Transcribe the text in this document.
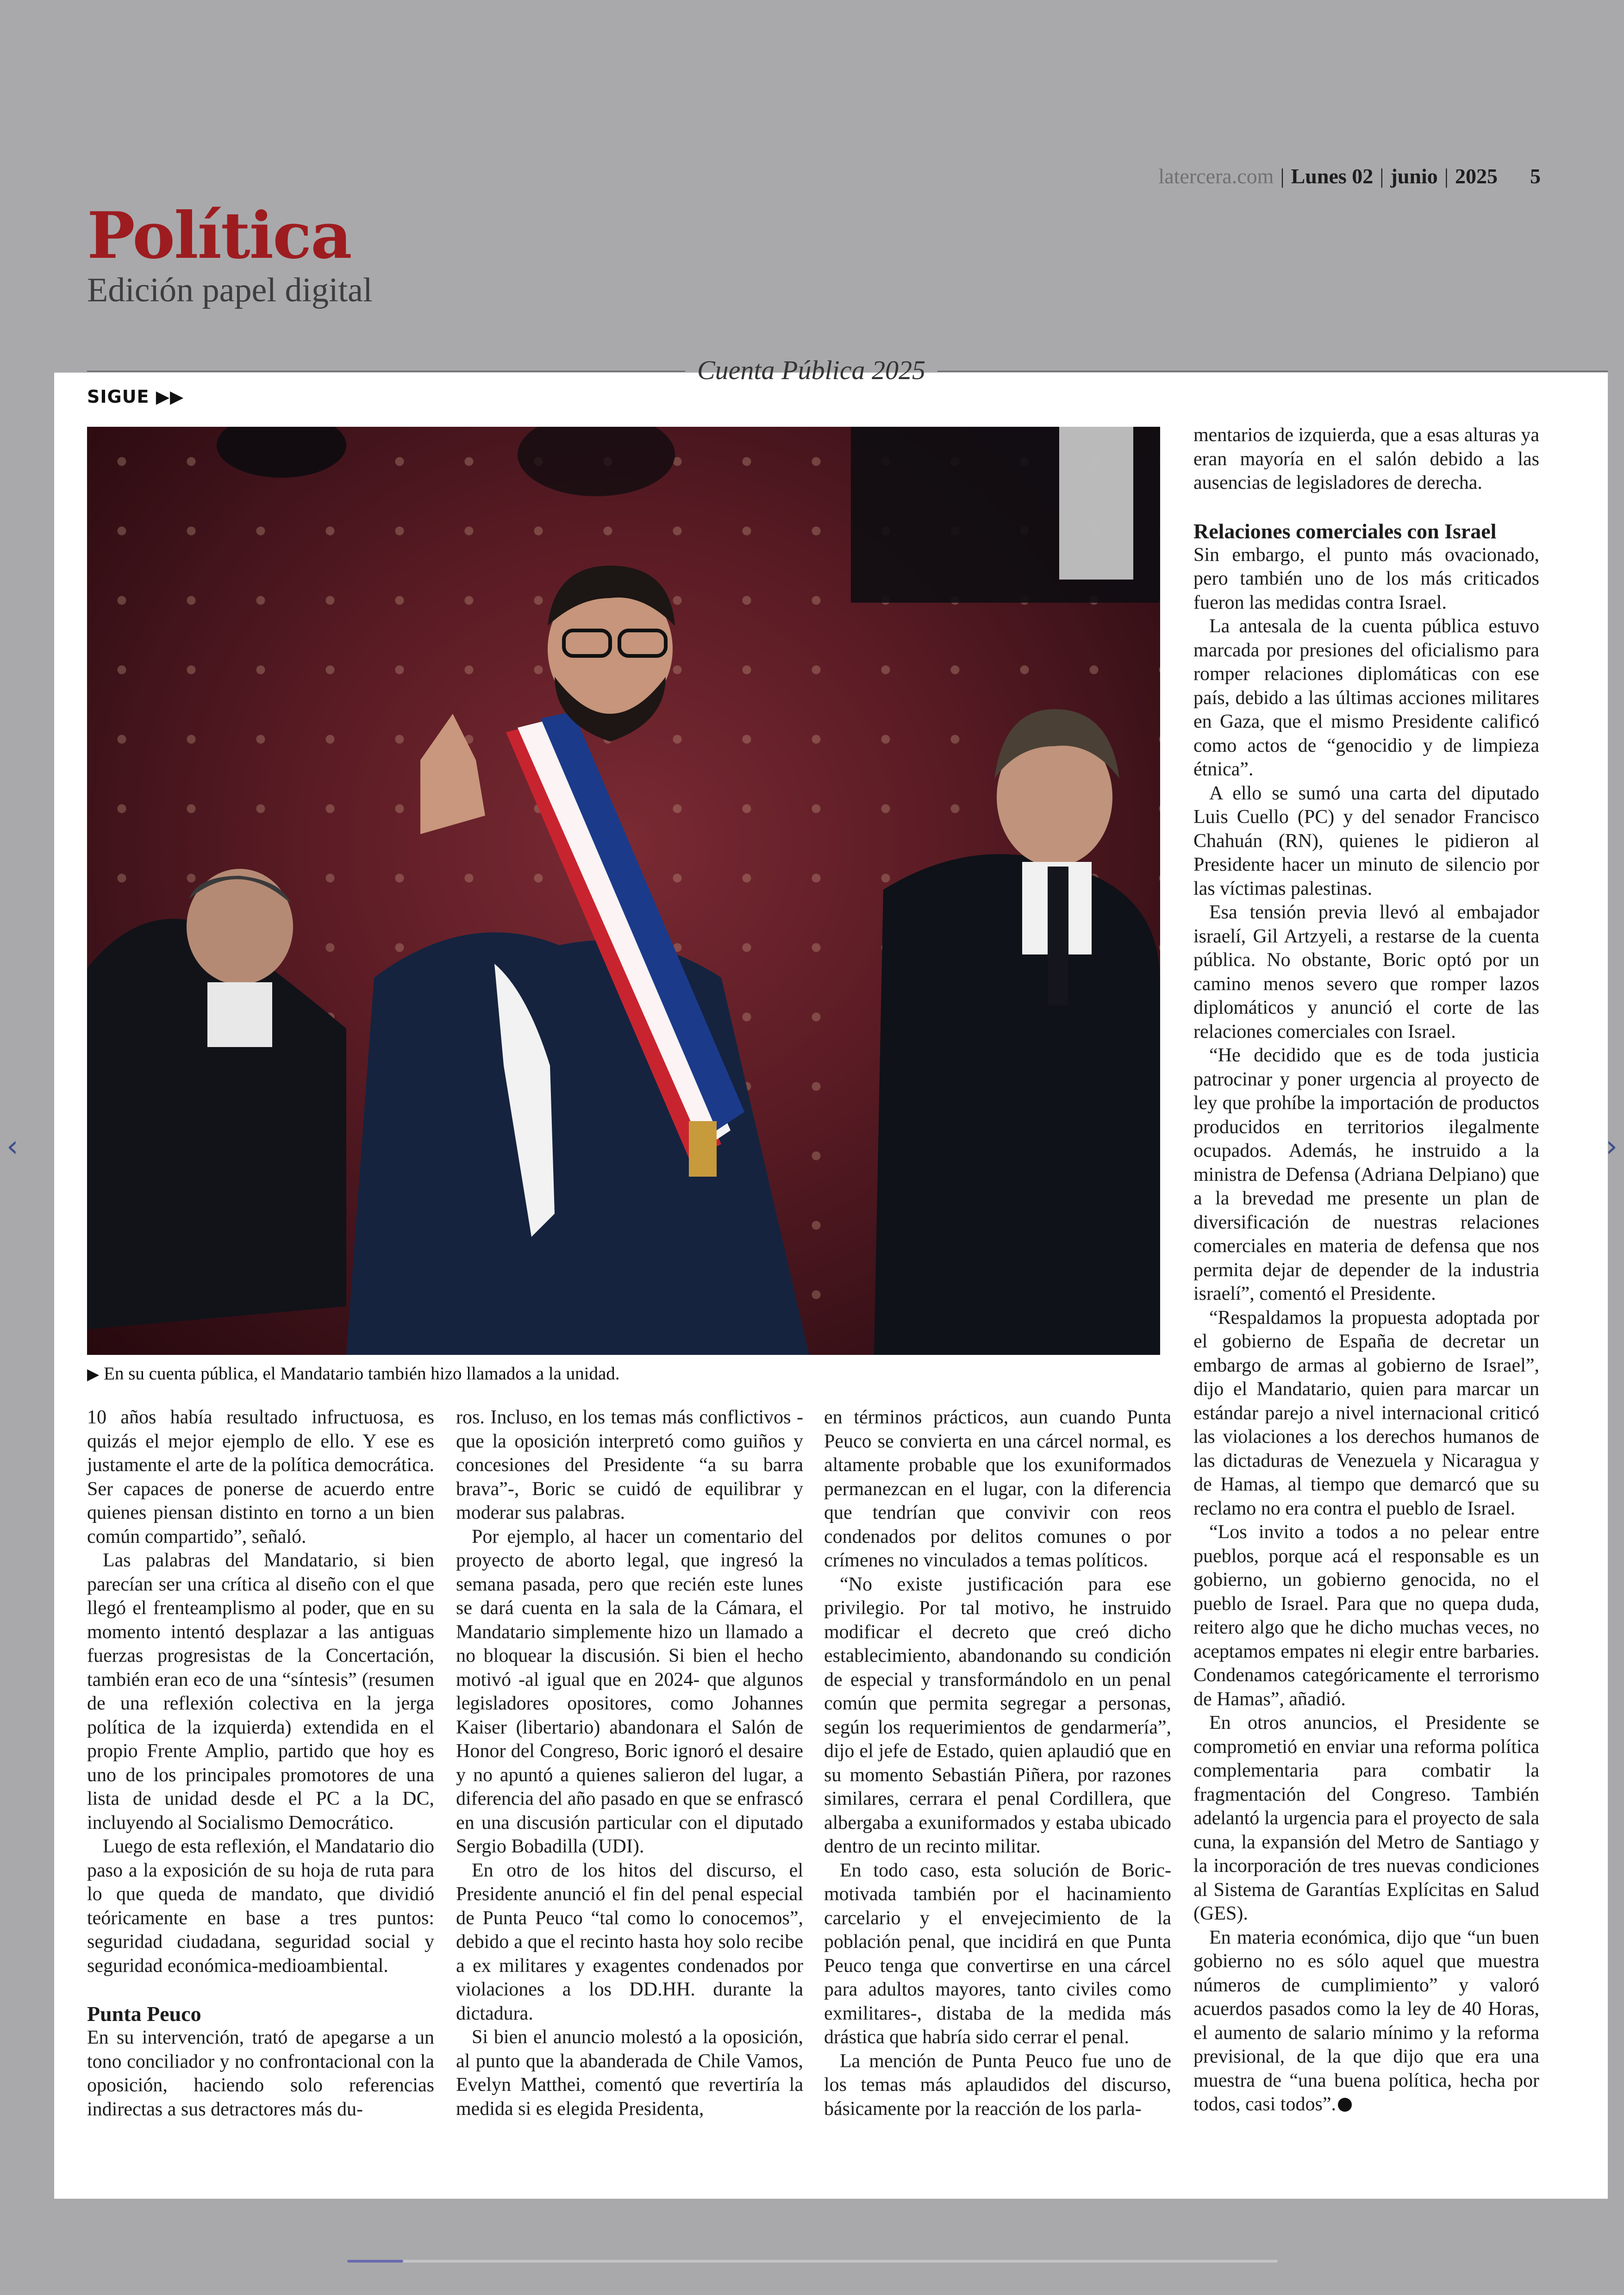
latercera.com | Lunes 02 | junio | 2025 5
Política
Edición papel digital
Cuenta Pública 2025
SIGUE ▶▶
▶ En su cuenta pública, el Mandatario también hizo llamados a la unidad.

10 años había resultado infructuosa, es quizás el mejor ejemplo de ello. Y ese es justamente el arte de la política democrática. Ser capaces de ponerse de acuerdo entre quienes piensan distinto en torno a un bien común compartido”, señaló.

Las palabras del Mandatario, si bien parecían ser una crítica al diseño con el que llegó el frenteamplismo al poder, que en su momento intentó desplazar a las antiguas fuerzas progresistas de la Concertación, también eran eco de una “síntesis” (resumen de una reflexión colectiva en la jerga política de la izquierda) extendida en el propio Frente Amplio, partido que hoy es uno de los principales promotores de una lista de unidad desde el PC a la DC, incluyendo al Socialismo Democrático.

Luego de esta reflexión, el Mandatario dio paso a la exposición de su hoja de ruta para lo que queda de mandato, que dividió teóricamente en base a tres puntos: seguridad ciudadana, seguridad social y seguridad económica-medioambiental.

Punta Peuco

En su intervención, trató de apegarse a un tono conciliador y no confrontacional con la oposición, haciendo solo referencias indirectas a sus detractores más du-

ros. Incluso, en los temas más conflictivos -que la oposición interpretó como guiños y concesiones del Presidente “a su barra brava”-, Boric se cuidó de equilibrar y moderar sus palabras.

Por ejemplo, al hacer un comentario del proyecto de aborto legal, que ingresó la semana pasada, pero que recién este lunes se dará cuenta en la sala de la Cámara, el Mandatario simplemente hizo un llamado a no bloquear la discusión. Si bien el hecho motivó -al igual que en 2024- que algunos legisladores opositores, como Johannes Kaiser (libertario) abandonara el Salón de Honor del Congreso, Boric ignoró el desaire y no apuntó a quienes salieron del lugar, a diferencia del año pasado en que se enfrascó en una discusión particular con el diputado Sergio Bobadilla (UDI).

En otro de los hitos del discurso, el Presidente anunció el fin del penal especial de Punta Peuco “tal como lo conocemos”, debido a que el recinto hasta hoy solo recibe a ex militares y exagentes condenados por violaciones a los DD.HH. durante la dictadura.

Si bien el anuncio molestó a la oposición, al punto que la abanderada de Chile Vamos, Evelyn Matthei, comentó que revertiría la medida si es elegida Presidenta,

en términos prácticos, aun cuando Punta Peuco se convierta en una cárcel normal, es altamente probable que los exuniformados permanezcan en el lugar, con la diferencia que tendrían que convivir con reos condenados por delitos comunes o por crímenes no vinculados a temas políticos.

“No existe justificación para ese privilegio. Por tal motivo, he instruido modificar el decreto que creó dicho establecimiento, abandonando su condición de especial y transformándolo en un penal común que permita segregar a personas, según los requerimientos de gendarmería”, dijo el jefe de Estado, quien aplaudió que en su momento Sebastián Piñera, por razones similares, cerrara el penal Cordillera, que albergaba a exuniformados y estaba ubicado dentro de un recinto militar.

En todo caso, esta solución de Boric-motivada también por el hacinamiento carcelario y el envejecimiento de la población penal, que incidirá en que Punta Peuco tenga que convertirse en una cárcel para adultos mayores, tanto civiles como exmilitares-, distaba de la medida más drástica que habría sido cerrar el penal.

La mención de Punta Peuco fue uno de los temas más aplaudidos del discurso, básicamente por la reacción de los parla-

mentarios de izquierda, que a esas alturas ya eran mayoría en el salón debido a las ausencias de legisladores de derecha.

Relaciones comerciales con Israel

Sin embargo, el punto más ovacionado, pero también uno de los más criticados fueron las medidas contra Israel.

La antesala de la cuenta pública estuvo marcada por presiones del oficialismo para romper relaciones diplomáticas con ese país, debido a las últimas acciones militares en Gaza, que el mismo Presidente calificó como actos de “genocidio y de limpieza étnica”.

A ello se sumó una carta del diputado Luis Cuello (PC) y del senador Francisco Chahuán (RN), quienes le pidieron al Presidente hacer un minuto de silencio por las víctimas palestinas.

Esa tensión previa llevó al embajador israelí, Gil Artzyeli, a restarse de la cuenta pública. No obstante, Boric optó por un camino menos severo que romper lazos diplomáticos y anunció el corte de las relaciones comerciales con Israel.

“He decidido que es de toda justicia patrocinar y poner urgencia al proyecto de ley que prohíbe la importación de productos producidos en territorios ilegalmente ocupados. Además, he instruido a la ministra de Defensa (Adriana Delpiano) que a la brevedad me presente un plan de diversificación de nuestras relaciones comerciales en materia de defensa que nos permita dejar de depender de la industria israelí”, comentó el Presidente.

“Respaldamos la propuesta adoptada por el gobierno de España de decretar un embargo de armas al gobierno de Israel”, dijo el Mandatario, quien para marcar un estándar parejo a nivel internacional criticó las violaciones a los derechos humanos de las dictaduras de Venezuela y Nicaragua y de Hamas, al tiempo que demarcó que su reclamo no era contra el pueblo de Israel.

“Los invito a todos a no pelear entre pueblos, porque acá el responsable es un gobierno, un gobierno genocida, no el pueblo de Israel. Para que no quepa duda, reitero algo que he dicho muchas veces, no aceptamos empates ni elegir entre barbaries. Condenamos categóricamente el terrorismo de Hamas”, añadió.

En otros anuncios, el Presidente se comprometió en enviar una reforma política complementaria para combatir la fragmentación del Congreso. También adelantó la urgencia para el proyecto de sala cuna, la expansión del Metro de Santiago y la incorporación de tres nuevas condiciones al Sistema de Garantías Explícitas en Salud (GES).

En materia económica, dijo que “un buen gobierno no es sólo aquel que muestra números de cumplimiento” y valoró acuerdos pasados como la ley de 40 Horas, el aumento de salario mínimo y la reforma previsional, de la que dijo que era una muestra de “una buena política, hecha por todos, casi todos”.

‹	›
